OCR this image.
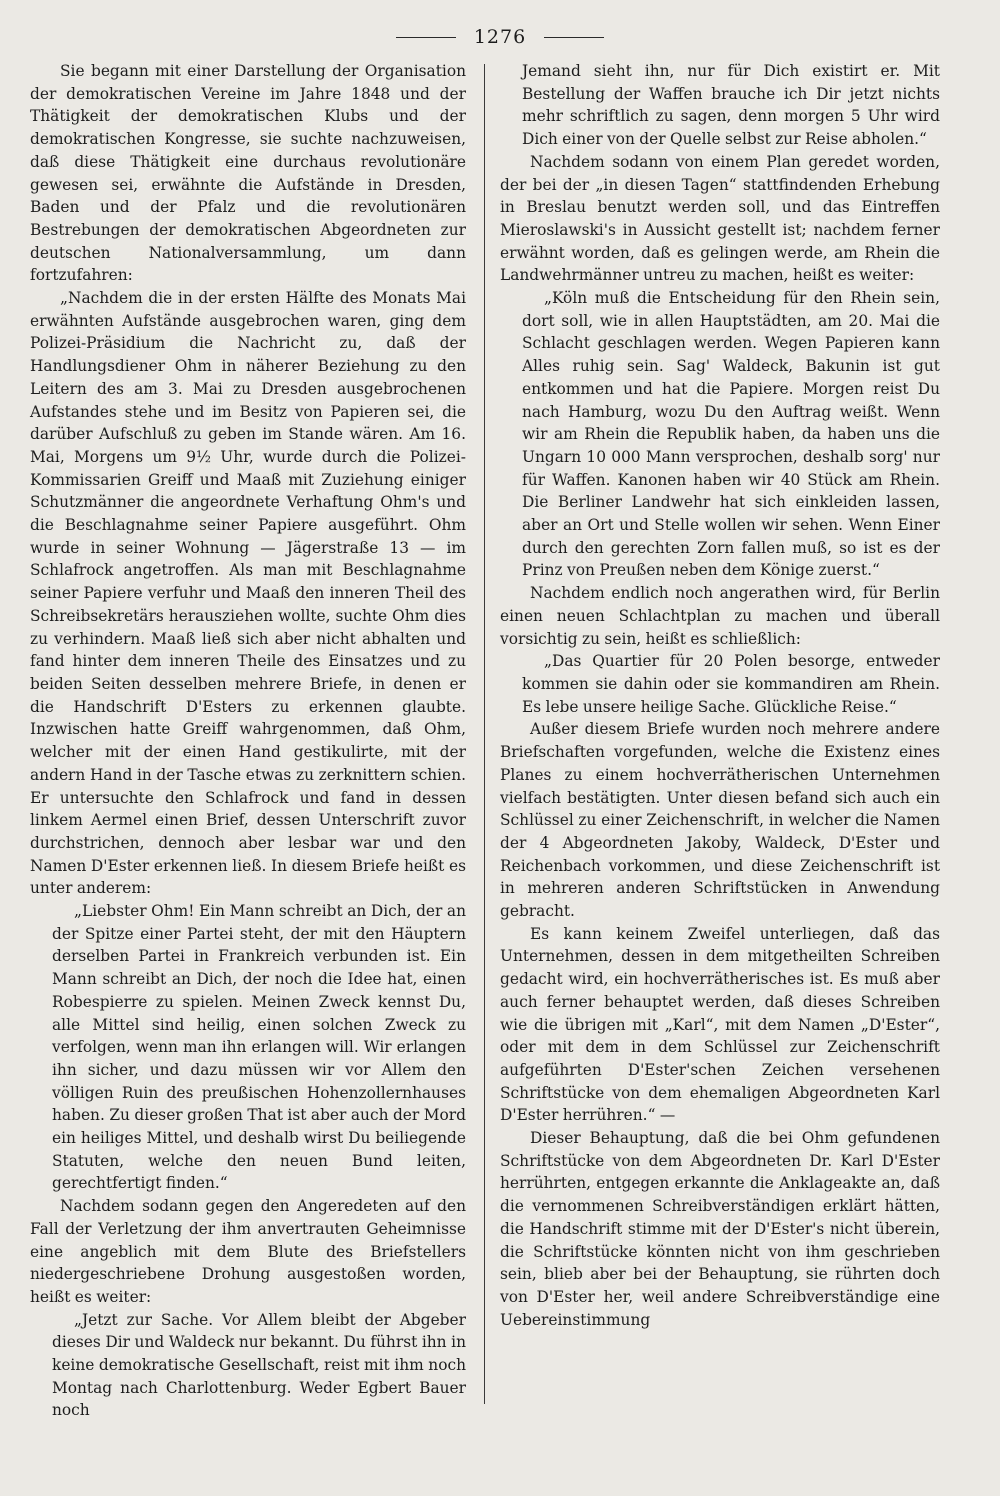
1276

Sie begann mit einer Darstellung der Organisation der demokratischen Vereine im Jahre 1848 und der Thätigkeit der demokratischen Klubs und der demokratischen Kongresse, sie suchte nachzuweisen, daß diese Thätigkeit eine durchaus revolutionäre gewesen sei, erwähnte die Aufstände in Dresden, Baden und der Pfalz und die revolutionären Bestrebungen der demokratischen Abgeordneten zur deutschen Nationalversammlung, um dann fortzufahren:

„Nachdem die in der ersten Hälfte des Monats Mai erwähnten Aufstände ausgebrochen waren, ging dem Polizei-Präsidium die Nachricht zu, daß der Handlungsdiener Ohm in näherer Beziehung zu den Leitern des am 3. Mai zu Dresden ausgebrochenen Aufstandes stehe und im Besitz von Papieren sei, die darüber Aufschluß zu geben im Stande wären. Am 16. Mai, Morgens um 9½ Uhr, wurde durch die Polizei-Kommissarien Greiff und Maaß mit Zuziehung einiger Schutzmänner die angeordnete Verhaftung Ohm's und die Beschlagnahme seiner Papiere ausgeführt. Ohm wurde in seiner Wohnung — Jägerstraße 13 — im Schlafrock angetroffen. Als man mit Beschlagnahme seiner Papiere verfuhr und Maaß den inneren Theil des Schreibsekretärs herausziehen wollte, suchte Ohm dies zu verhindern. Maaß ließ sich aber nicht abhalten und fand hinter dem inneren Theile des Einsatzes und zu beiden Seiten desselben mehrere Briefe, in denen er die Handschrift D'Esters zu erkennen glaubte. Inzwischen hatte Greiff wahrgenommen, daß Ohm, welcher mit der einen Hand gestikulirte, mit der andern Hand in der Tasche etwas zu zerknittern schien. Er untersuchte den Schlafrock und fand in dessen linkem Aermel einen Brief, dessen Unterschrift zuvor durchstrichen, dennoch aber lesbar war und den Namen D'Ester erkennen ließ. In diesem Briefe heißt es unter anderem:

„Liebster Ohm! Ein Mann schreibt an Dich, der an der Spitze einer Partei steht, der mit den Häuptern derselben Partei in Frankreich verbunden ist. Ein Mann schreibt an Dich, der noch die Idee hat, einen Robespierre zu spielen. Meinen Zweck kennst Du, alle Mittel sind heilig, einen solchen Zweck zu verfolgen, wenn man ihn erlangen will. Wir erlangen ihn sicher, und dazu müssen wir vor Allem den völligen Ruin des preußischen Hohenzollernhauses haben. Zu dieser großen That ist aber auch der Mord ein heiliges Mittel, und deshalb wirst Du beiliegende Statuten, welche den neuen Bund leiten, gerechtfertigt finden.“

Nachdem sodann gegen den Angeredeten auf den Fall der Verletzung der ihm anvertrauten Geheimnisse eine angeblich mit dem Blute des Briefstellers niedergeschriebene Drohung ausgestoßen worden, heißt es weiter:

„Jetzt zur Sache. Vor Allem bleibt der Abgeber dieses Dir und Waldeck nur bekannt. Du führst ihn in keine demokratische Gesellschaft, reist mit ihm noch Montag nach Charlottenburg. Weder Egbert Bauer noch

Jemand sieht ihn, nur für Dich existirt er. Mit Bestellung der Waffen brauche ich Dir jetzt nichts mehr schriftlich zu sagen, denn morgen 5 Uhr wird Dich einer von der Quelle selbst zur Reise abholen.“

Nachdem sodann von einem Plan geredet worden, der bei der „in diesen Tagen“ stattfindenden Erhebung in Breslau benutzt werden soll, und das Eintreffen Mieroslawski's in Aussicht gestellt ist; nachdem ferner erwähnt worden, daß es gelingen werde, am Rhein die Landwehrmänner untreu zu machen, heißt es weiter:

„Köln muß die Entscheidung für den Rhein sein, dort soll, wie in allen Hauptstädten, am 20. Mai die Schlacht geschlagen werden. Wegen Papieren kann Alles ruhig sein. Sag' Waldeck, Bakunin ist gut entkommen und hat die Papiere. Morgen reist Du nach Hamburg, wozu Du den Auftrag weißt. Wenn wir am Rhein die Republik haben, da haben uns die Ungarn 10 000 Mann versprochen, deshalb sorg' nur für Waffen. Kanonen haben wir 40 Stück am Rhein. Die Berliner Landwehr hat sich einkleiden lassen, aber an Ort und Stelle wollen wir sehen. Wenn Einer durch den gerechten Zorn fallen muß, so ist es der Prinz von Preußen neben dem Könige zuerst.“

Nachdem endlich noch angerathen wird, für Berlin einen neuen Schlachtplan zu machen und überall vorsichtig zu sein, heißt es schließlich:

„Das Quartier für 20 Polen besorge, entweder kommen sie dahin oder sie kommandiren am Rhein. Es lebe unsere heilige Sache. Glückliche Reise.“

Außer diesem Briefe wurden noch mehrere andere Briefschaften vorgefunden, welche die Existenz eines Planes zu einem hochverrätherischen Unternehmen vielfach bestätigten. Unter diesen befand sich auch ein Schlüssel zu einer Zeichenschrift, in welcher die Namen der 4 Abgeordneten Jakoby, Waldeck, D'Ester und Reichenbach vorkommen, und diese Zeichenschrift ist in mehreren anderen Schriftstücken in Anwendung gebracht.

Es kann keinem Zweifel unterliegen, daß das Unternehmen, dessen in dem mitgetheilten Schreiben gedacht wird, ein hochverrätherisches ist. Es muß aber auch ferner behauptet werden, daß dieses Schreiben wie die übrigen mit „Karl“, mit dem Namen „D'Ester“, oder mit dem in dem Schlüssel zur Zeichenschrift aufgeführten D'Ester'schen Zeichen versehenen Schriftstücke von dem ehemaligen Abgeordneten Karl D'Ester herrühren.“ —

Dieser Behauptung, daß die bei Ohm gefundenen Schriftstücke von dem Abgeordneten Dr. Karl D'Ester herrührten, entgegen erkannte die Anklageakte an, daß die vernommenen Schreibverständigen erklärt hätten, die Handschrift stimme mit der D'Ester's nicht überein, die Schriftstücke könnten nicht von ihm geschrieben sein, blieb aber bei der Behauptung, sie rührten doch von D'Ester her, weil andere Schreibverständige eine Uebereinstimmung
